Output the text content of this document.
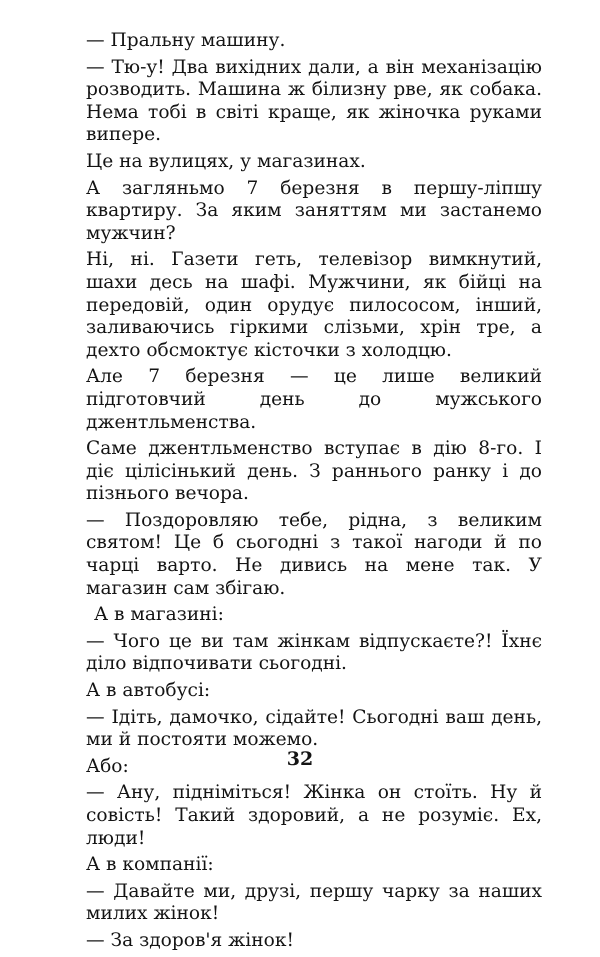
— Пральну машину.

— Тю-у! Два вихідних дали, а він механізацію розводить. Машина ж білизну рве, як собака. Нема тобі в світі краще, як жіночка руками випере.

Це на вулицях, у магазинах.

А загляньмо 7 березня в першу-ліпшу квартиру. За яким заняттям ми застанемо мужчин?

Ні, ні. Газети геть, телевізор вимкнутий, шахи десь на шафі. Мужчини, як бійці на передовій, один орудує пилососом, інший, заливаючись гіркими слізьми, хрін тре, а дехто обсмоктує кісточки з холодцю.

Але 7 березня — це лише великий підготовчий день до мужського джентльменства.

Саме джентльменство вступає в дію 8-го. І діє цілісінький день. З раннього ранку і до пізнього вечора.

— Поздоровляю тебе, рідна, з великим святом! Це б сьогодні з такої нагоди й по чарці варто. Не дивись на мене так. У магазин сам збігаю.

А в магазині:

— Чого це ви там жінкам відпускаєте?! Їхнє діло відпочивати сьогодні.

А в автобусі:

— Ідіть, дамочко, сідайте! Сьогодні ваш день, ми й постояти можемо.

Або:

— Ану, підніміться! Жінка он стоїть. Ну й совість! Такий здоровий, а не розуміє. Ех, люди!

А в компанії:

— Давайте ми, друзі, першу чарку за наших милих жінок!

— За здоров'я жінок!

32
